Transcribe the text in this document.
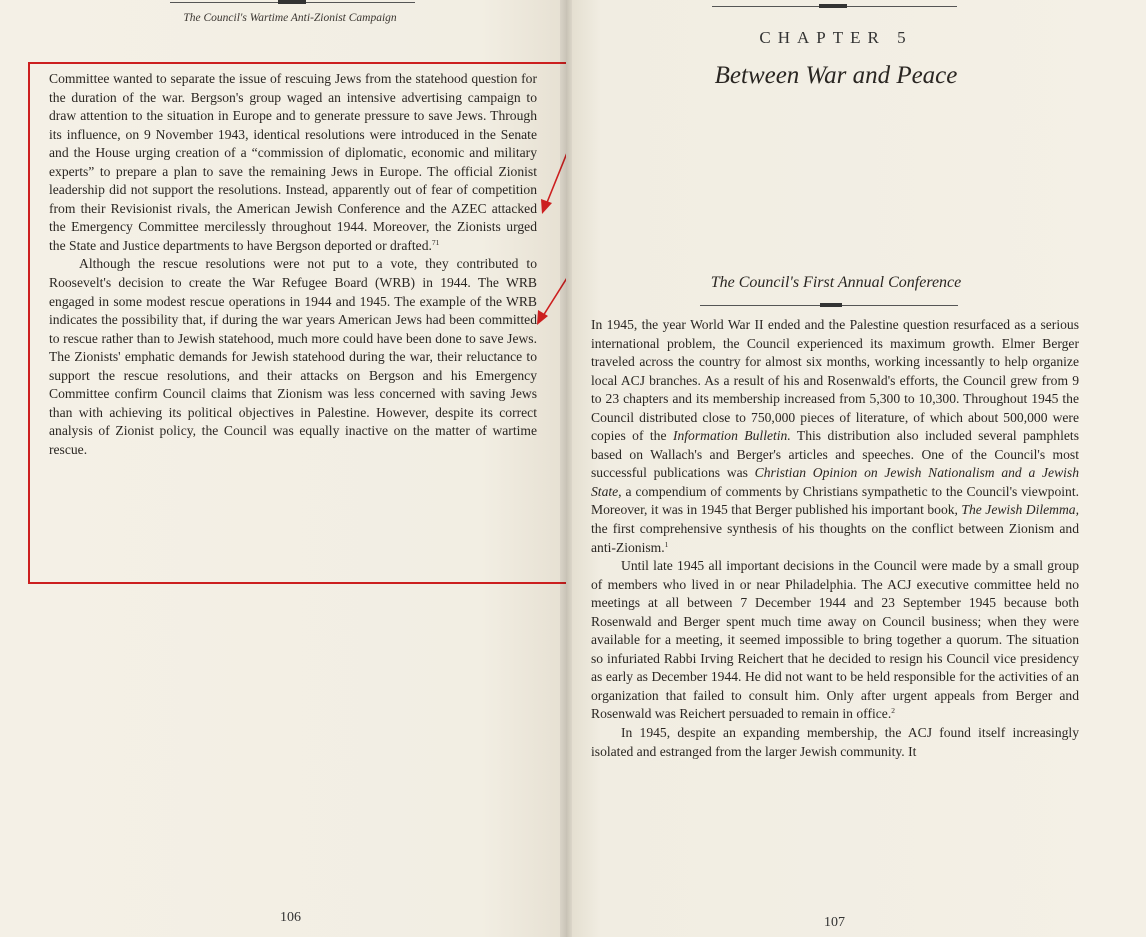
The Council's Wartime Anti-Zionist Campaign

Committee wanted to separate the issue of rescuing Jews from the statehood question for the duration of the war. Bergson's group waged an intensive advertising campaign to draw attention to the situation in Europe and to generate pressure to save Jews. Through its influence, on 9 November 1943, identical resolutions were introduced in the Senate and the House urging creation of a “commission of diplomatic, economic and military experts” to prepare a plan to save the remaining Jews in Europe. The official Zionist leadership did not support the resolutions. Instead, apparently out of fear of competition from their Revisionist rivals, the American Jewish Conference and the AZEC attacked the Emergency Committee mercilessly throughout 1944. Moreover, the Zionists urged the State and Justice departments to have Bergson deported or drafted.$^{71}$

Although the rescue resolutions were not put to a vote, they contributed to Roosevelt's decision to create the War Refugee Board (WRB) in 1944. The WRB engaged in some modest rescue operations in 1944 and 1945. The example of the WRB indicates the possibility that, if during the war years American Jews had been committed to rescue rather than to Jewish statehood, much more could have been done to save Jews. The Zionists' emphatic demands for Jewish statehood during the war, their reluctance to support the rescue resolutions, and their attacks on Bergson and his Emergency Committee confirm Council claims that Zionism was less concerned with saving Jews than with achieving its political objectives in Palestine. However, despite its correct analysis of Zionist policy, the Council was equally inactive on the matter of wartime rescue.

106
CHAPTER 5
Between War and Peace
The Council's First Annual Conference

In 1945, the year World War II ended and the Palestine question resurfaced as a serious international problem, the Council experienced its maximum growth. Elmer Berger traveled across the country for almost six months, working incessantly to help organize local ACJ branches. As a result of his and Rosenwald's efforts, the Council grew from 9 to 23 chapters and its membership increased from 5,300 to 10,300. Throughout 1945 the Council distributed close to 750,000 pieces of literature, of which about 500,000 were copies of the Information Bulletin. This distribution also included several pamphlets based on Wallach's and Berger's articles and speeches. One of the Council's most successful publications was Christian Opinion on Jewish Nationalism and a Jewish State, a compendium of comments by Christians sympathetic to the Council's viewpoint. Moreover, it was in 1945 that Berger published his important book, The Jewish Dilemma, the first comprehensive synthesis of his thoughts on the conflict between Zionism and anti-Zionism.$^1$

Until late 1945 all important decisions in the Council were made by a small group of members who lived in or near Philadelphia. The ACJ executive committee held no meetings at all between 7 December 1944 and 23 September 1945 because both Rosenwald and Berger spent much time away on Council business; when they were available for a meeting, it seemed impossible to bring together a quorum. The situation so infuriated Rabbi Irving Reichert that he decided to resign his Council vice presidency as early as December 1944. He did not want to be held responsible for the activities of an organization that failed to consult him. Only after urgent appeals from Berger and Rosenwald was Reichert persuaded to remain in office.$^2$

In 1945, despite an expanding membership, the ACJ found itself increasingly isolated and estranged from the larger Jewish community. It

107
